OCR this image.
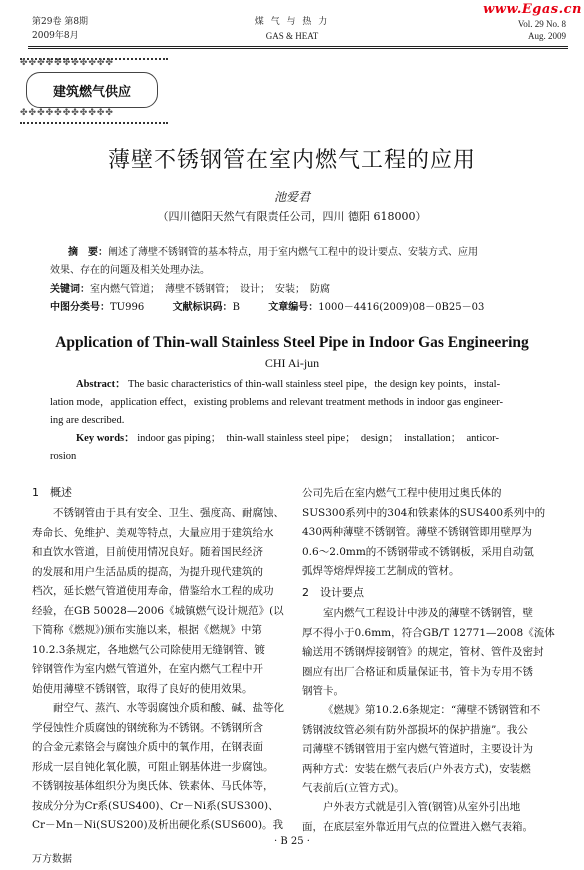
第29卷 第8期
2009年8月
煤 气 与 热 力
GAS & HEAT
Vol. 29 No. 8
Aug. 2009
www.Egas.cn
✤✤✤✤✤✤✤✤✤✤✤
建筑燃气供应
✤✤✤✤✤✤✤✤✤✤✤
薄壁不锈钢管在室内燃气工程的应用
池爱君
（四川德阳天然气有限责任公司，四川 德阳 618000）
摘　要：阐述了薄壁不锈钢管的基本特点，用于室内燃气工程中的设计要点、安装方式、应用
效果、存在的问题及相关处理办法。
关键词：室内燃气管道；　薄壁不锈钢管；　设计；　安装；　防腐
中图分类号：TU996	文献标识码：B	文章编号：1000－4416(2009)08－0B25－03
Application of Thin-wall Stainless Steel Pipe in Indoor Gas Engineering
CHI Ai-jun
Abstract： The basic characteristics of thin-wall stainless steel pipe，the design key points，instal-
lation mode，application effect，existing problems and relevant treatment methods in indoor gas engineer-
ing are described.
Key words： indoor gas piping；　thin-wall stainless steel pipe；　design；　installation；　anticor-
rosion
1　概述
不锈钢管由于具有安全、卫生、强度高、耐腐蚀、
寿命长、免维护、美观等特点，大量应用于建筑给水
和直饮水管道，目前使用情况良好。随着国民经济
的发展和用户生活品质的提高，为提升现代建筑的
档次，延长燃气管道使用寿命，借鉴给水工程的成功
经验，在GB 50028—2006《城镇燃气设计规范》(以
下简称《燃规》)颁布实施以来，根据《燃规》中第
10.2.3条规定，各地燃气公司除使用无缝钢管、镀
锌钢管作为室内燃气管道外，在室内燃气工程中开
始使用薄壁不锈钢管，取得了良好的使用效果。
耐空气、蒸汽、水等弱腐蚀介质和酸、碱、盐等化
学侵蚀性介质腐蚀的钢统称为不锈钢。不锈钢所含
的合金元素铬会与腐蚀介质中的氧作用，在钢表面
形成一层自钝化氧化膜，可阻止钢基体进一步腐蚀。
不锈钢按基体组织分为奥氏体、铁素体、马氏体等，
按成分分为Cr系(SUS400)、Cr－Ni系(SUS300)、
Cr－Mn－Ni(SUS200)及析出硬化系(SUS600)。我
公司先后在室内燃气工程中使用过奥氏体的
SUS300系列中的304和铁素体的SUS400系列中的
430两种薄壁不锈钢管。薄壁不锈钢管即用壁厚为
0.6～2.0mm的不锈钢带或不锈钢板，采用自动氩
弧焊等熔焊焊接工艺制成的管材。
2　设计要点
室内燃气工程设计中涉及的薄壁不锈钢管，壁
厚不得小于0.6mm，符合GB/T 12771—2008《流体
输送用不锈钢焊接钢管》的规定，管材、管件及密封
圈应有出厂合格证和质量保证书，管卡为专用不锈
钢管卡。
《燃规》第10.2.6条规定：“薄壁不锈钢管和不
锈钢波纹管必须有防外部损坏的保护措施”。我公
司薄壁不锈钢管用于室内燃气管道时，主要设计为
两种方式：安装在燃气表后(户外表方式)，安装燃
气表前后(立管方式)。
户外表方式就是引入管(钢管)从室外引出地
面，在底层室外靠近用气点的位置进入燃气表箱。
· B 25 ·
万方数据
